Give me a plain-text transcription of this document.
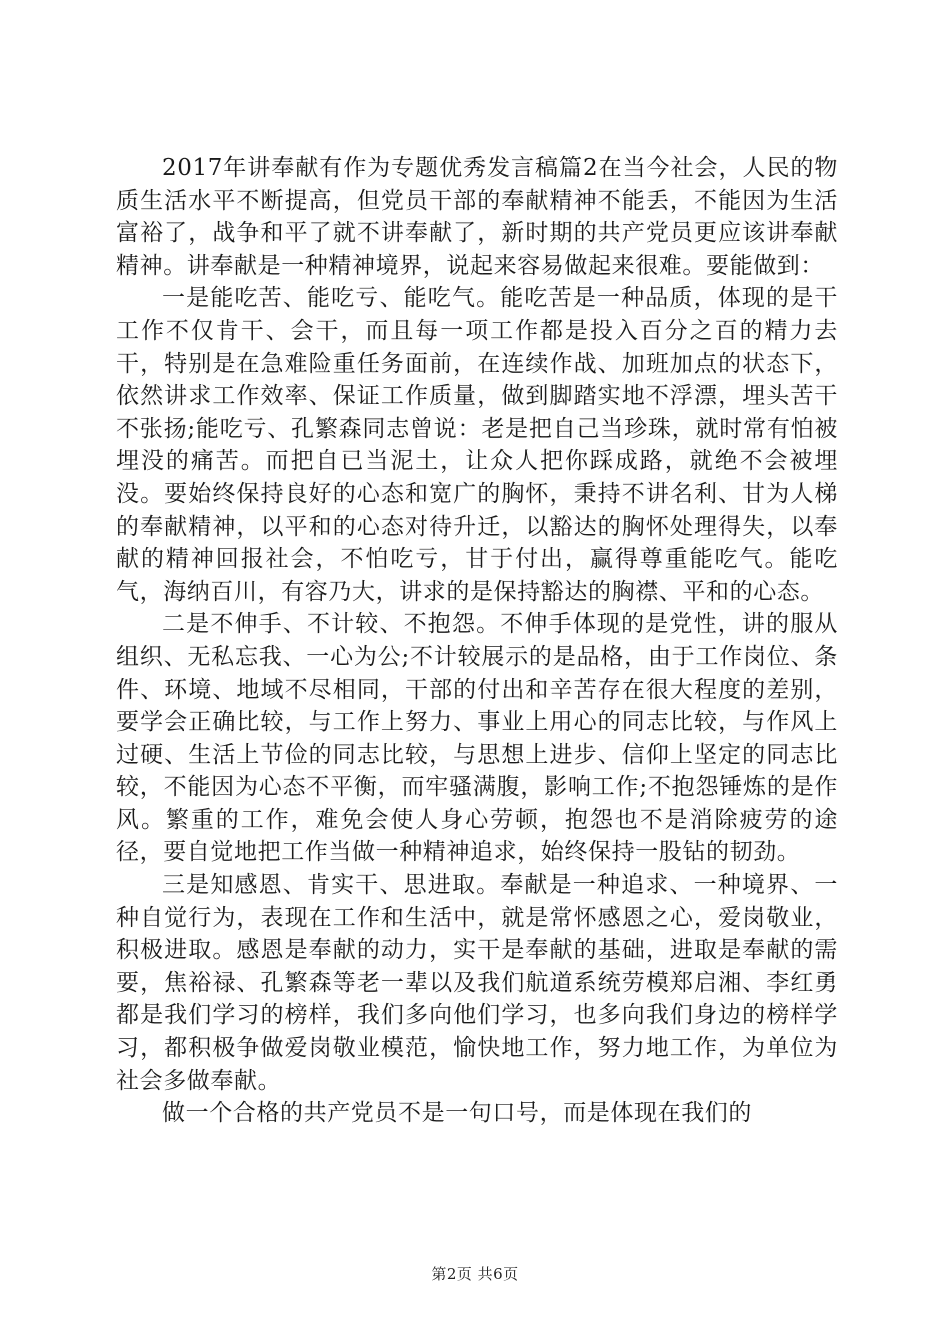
2017年讲奉献有作为专题优秀发言稿篇2在当今社会，人民的物质生活水平不断提高，但党员干部的奉献精神不能丢，不能因为生活富裕了，战争和平了就不讲奉献了，新时期的共产党员更应该讲奉献精神。讲奉献是一种精神境界，说起来容易做起来很难。要能做到：

一是能吃苦、能吃亏、能吃气。能吃苦是一种品质，体现的是干工作不仅肯干、会干，而且每一项工作都是投入百分之百的精力去干，特别是在急难险重任务面前，在连续作战、加班加点的状态下，依然讲求工作效率、保证工作质量，做到脚踏实地不浮漂，埋头苦干不张扬;能吃亏、孔繁森同志曾说：老是把自己当珍珠，就时常有怕被埋没的痛苦。而把自已当泥土，让众人把你踩成路，就绝不会被埋没。要始终保持良好的心态和宽广的胸怀，秉持不讲名利、甘为人梯的奉献精神，以平和的心态对待升迁，以豁达的胸怀处理得失，以奉献的精神回报社会，不怕吃亏，甘于付出，赢得尊重能吃气。能吃气，海纳百川，有容乃大，讲求的是保持豁达的胸襟、平和的心态。

二是不伸手、不计较、不抱怨。不伸手体现的是党性，讲的服从组织、无私忘我、一心为公;不计较展示的是品格，由于工作岗位、条件、环境、地域不尽相同，干部的付出和辛苦存在很大程度的差别，要学会正确比较，与工作上努力、事业上用心的同志比较，与作风上过硬、生活上节俭的同志比较，与思想上进步、信仰上坚定的同志比较，不能因为心态不平衡，而牢骚满腹，影响工作;不抱怨锤炼的是作风。繁重的工作，难免会使人身心劳顿，抱怨也不是消除疲劳的途径，要自觉地把工作当做一种精神追求，始终保持一股钻的韧劲。

三是知感恩、肯实干、思进取。奉献是一种追求、一种境界、一种自觉行为，表现在工作和生活中，就是常怀感恩之心，爱岗敬业，积极进取。感恩是奉献的动力，实干是奉献的基础，进取是奉献的需要，焦裕禄、孔繁森等老一辈以及我们航道系统劳模郑启湘、李红勇都是我们学习的榜样，我们多向他们学习，也多向我们身边的榜样学习，都积极争做爱岗敬业模范，愉快地工作，努力地工作，为单位为社会多做奉献。

做一个合格的共产党员不是一句口号，而是体现在我们的

第2页 共6页
